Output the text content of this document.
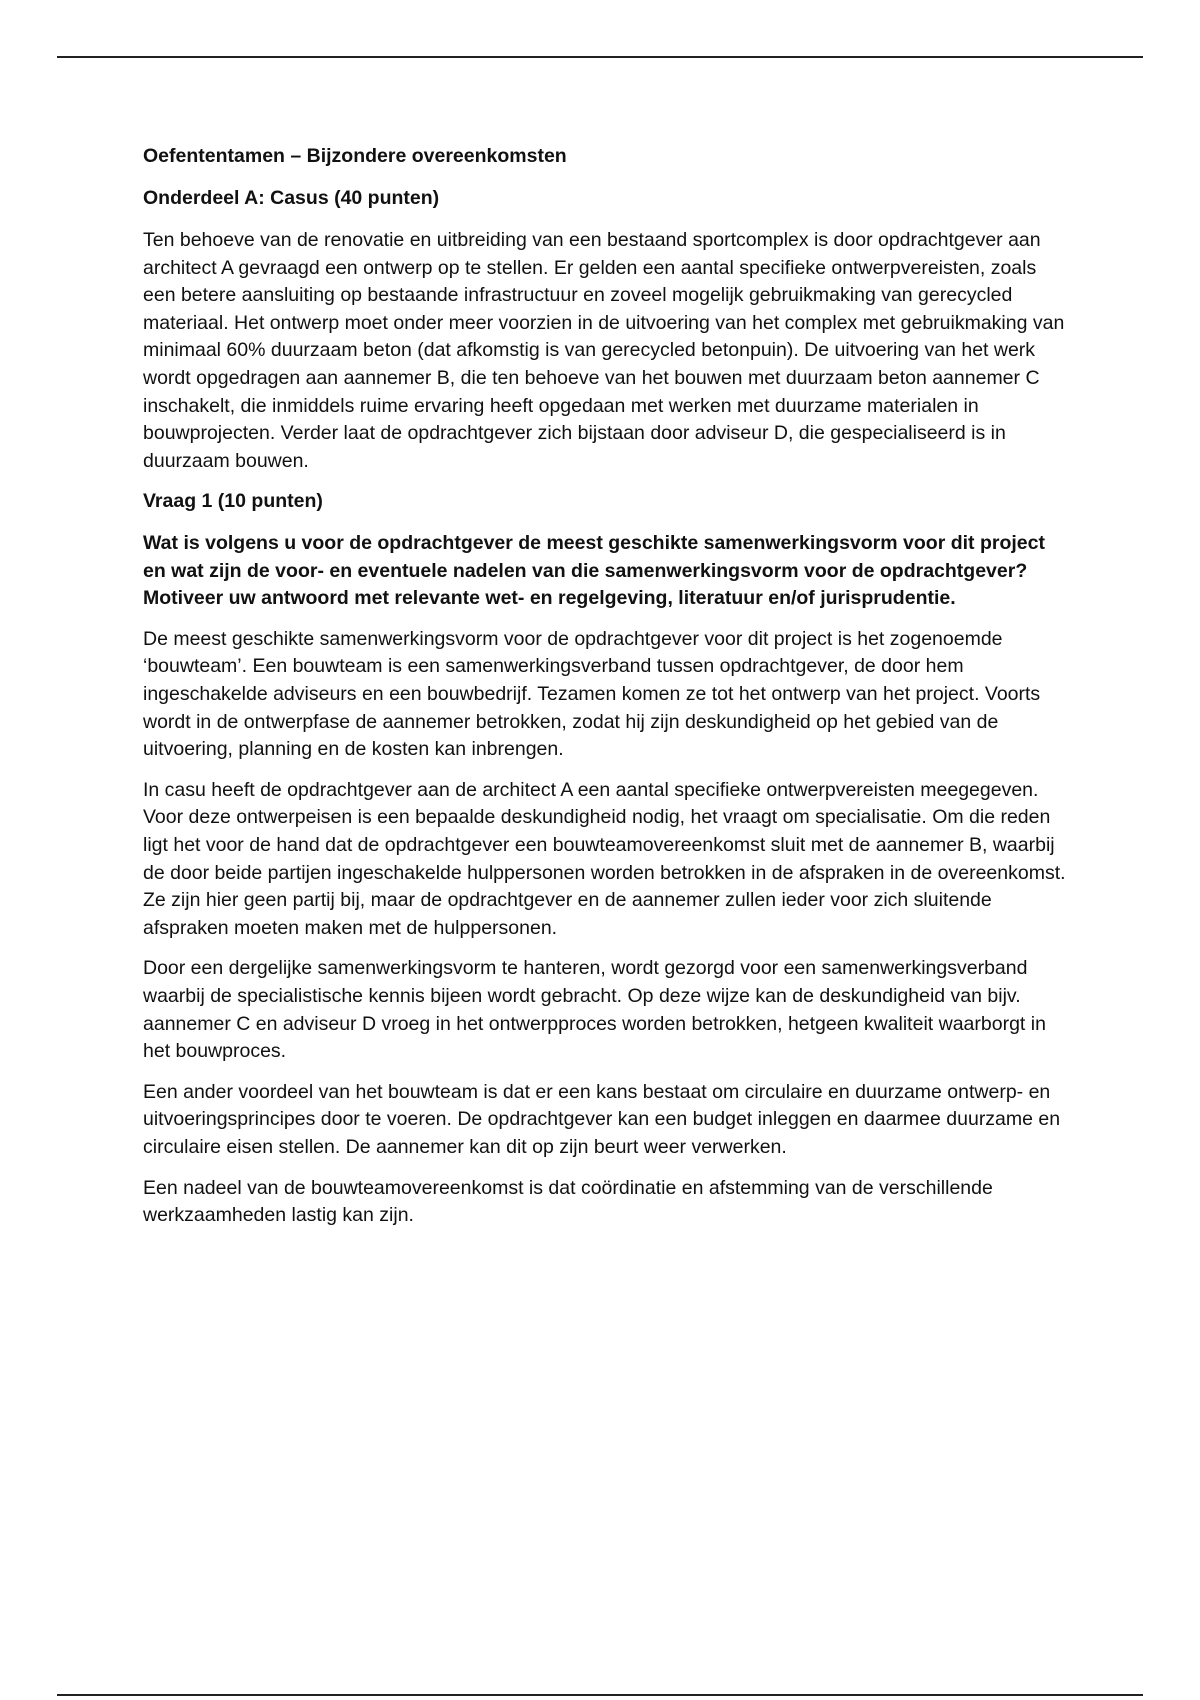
Oefententamen – Bijzondere overeenkomsten

Onderdeel A: Casus (40 punten)

Ten behoeve van de renovatie en uitbreiding van een bestaand sportcomplex is door opdrachtgever aan architect A gevraagd een ontwerp op te stellen. Er gelden een aantal specifieke ontwerpvereisten, zoals een betere aansluiting op bestaande infrastructuur en zoveel mogelijk gebruikmaking van gerecycled materiaal. Het ontwerp moet onder meer voorzien in de uitvoering van het complex met gebruikmaking van minimaal 60% duurzaam beton (dat afkomstig is van gerecycled betonpuin). De uitvoering van het werk wordt opgedragen aan aannemer B, die ten behoeve van het bouwen met duurzaam beton aannemer C inschakelt, die inmiddels ruime ervaring heeft opgedaan met werken met duurzame materialen in bouwprojecten. Verder laat de opdrachtgever zich bijstaan door adviseur D, die gespecialiseerd is in duurzaam bouwen.

Vraag 1 (10 punten)

Wat is volgens u voor de opdrachtgever de meest geschikte samenwerkingsvorm voor dit project en wat zijn de voor- en eventuele nadelen van die samenwerkingsvorm voor de opdrachtgever? Motiveer uw antwoord met relevante wet- en regelgeving, literatuur en/of jurisprudentie.

De meest geschikte samenwerkingsvorm voor de opdrachtgever voor dit project is het zogenoemde ‘bouwteam’. Een bouwteam is een samenwerkingsverband tussen opdrachtgever, de door hem ingeschakelde adviseurs en een bouwbedrijf. Tezamen komen ze tot het ontwerp van het project. Voorts wordt in de ontwerpfase de aannemer betrokken, zodat hij zijn deskundigheid op het gebied van de uitvoering, planning en de kosten kan inbrengen.

In casu heeft de opdrachtgever aan de architect A een aantal specifieke ontwerpvereisten meegegeven. Voor deze ontwerpeisen is een bepaalde deskundigheid nodig, het vraagt om specialisatie. Om die reden ligt het voor de hand dat de opdrachtgever een bouwteamovereenkomst sluit met de aannemer B, waarbij de door beide partijen ingeschakelde hulppersonen worden betrokken in de afspraken in de overeenkomst. Ze zijn hier geen partij bij, maar de opdrachtgever en de aannemer zullen ieder voor zich sluitende afspraken moeten maken met de hulppersonen.

Door een dergelijke samenwerkingsvorm te hanteren, wordt gezorgd voor een samenwerkingsverband waarbij de specialistische kennis bijeen wordt gebracht. Op deze wijze kan de deskundigheid van bijv. aannemer C en adviseur D vroeg in het ontwerpproces worden betrokken, hetgeen kwaliteit waarborgt in het bouwproces.

Een ander voordeel van het bouwteam is dat er een kans bestaat om circulaire en duurzame ontwerp- en uitvoeringsprincipes door te voeren. De opdrachtgever kan een budget inleggen en daarmee duurzame en circulaire eisen stellen. De aannemer kan dit op zijn beurt weer verwerken.

Een nadeel van de bouwteamovereenkomst is dat coördinatie en afstemming van de verschillende werkzaamheden lastig kan zijn.
